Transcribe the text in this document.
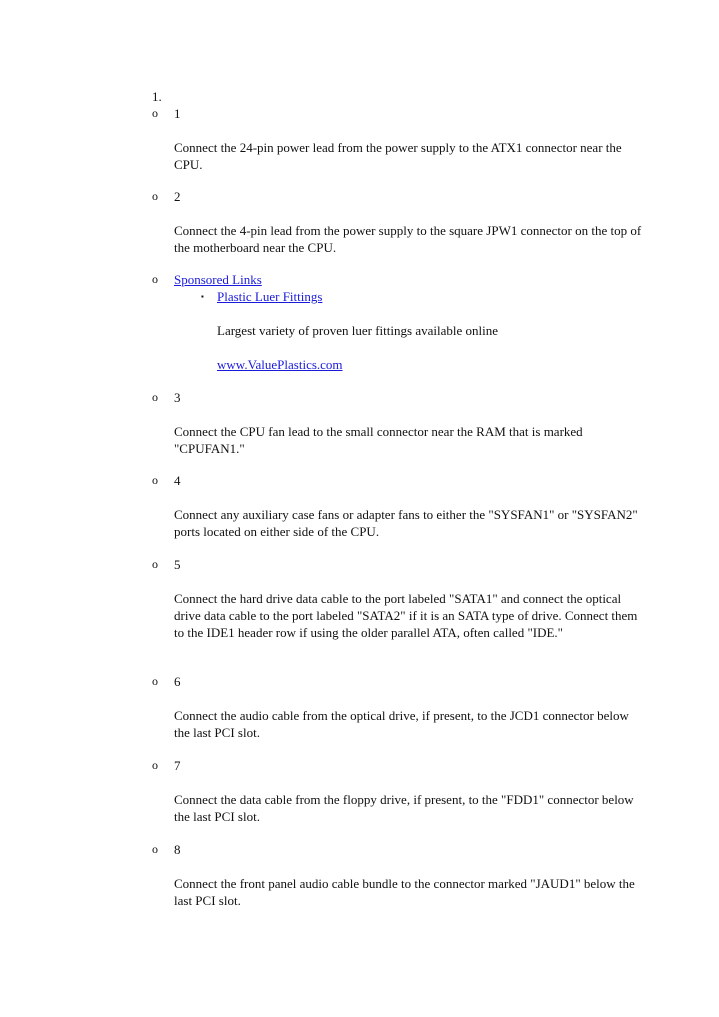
1.
o	1
Connect the 24-pin power lead from the power supply to the ATX1 connector near the CPU.
o	2
Connect the 4-pin lead from the power supply to the square JPW1 connector on the top of the motherboard near the CPU.
o	Sponsored Links
▪ Plastic Luer Fittings
Largest variety of proven luer fittings available online
www.ValuePlastics.com
o	3
Connect the CPU fan lead to the small connector near the RAM that is marked "CPUFAN1."
o	4
Connect any auxiliary case fans or adapter fans to either the "SYSFAN1" or "SYSFAN2" ports located on either side of the CPU.
o	5
Connect the hard drive data cable to the port labeled "SATA1" and connect the optical drive data cable to the port labeled "SATA2" if it is an SATA type of drive. Connect them to the IDE1 header row if using the older parallel ATA, often called "IDE."
o	6
Connect the audio cable from the optical drive, if present, to the JCD1 connector below the last PCI slot.
o	7
Connect the data cable from the floppy drive, if present, to the "FDD1" connector below the last PCI slot.
o	8
Connect the front panel audio cable bundle to the connector marked "JAUD1" below the last PCI slot.
